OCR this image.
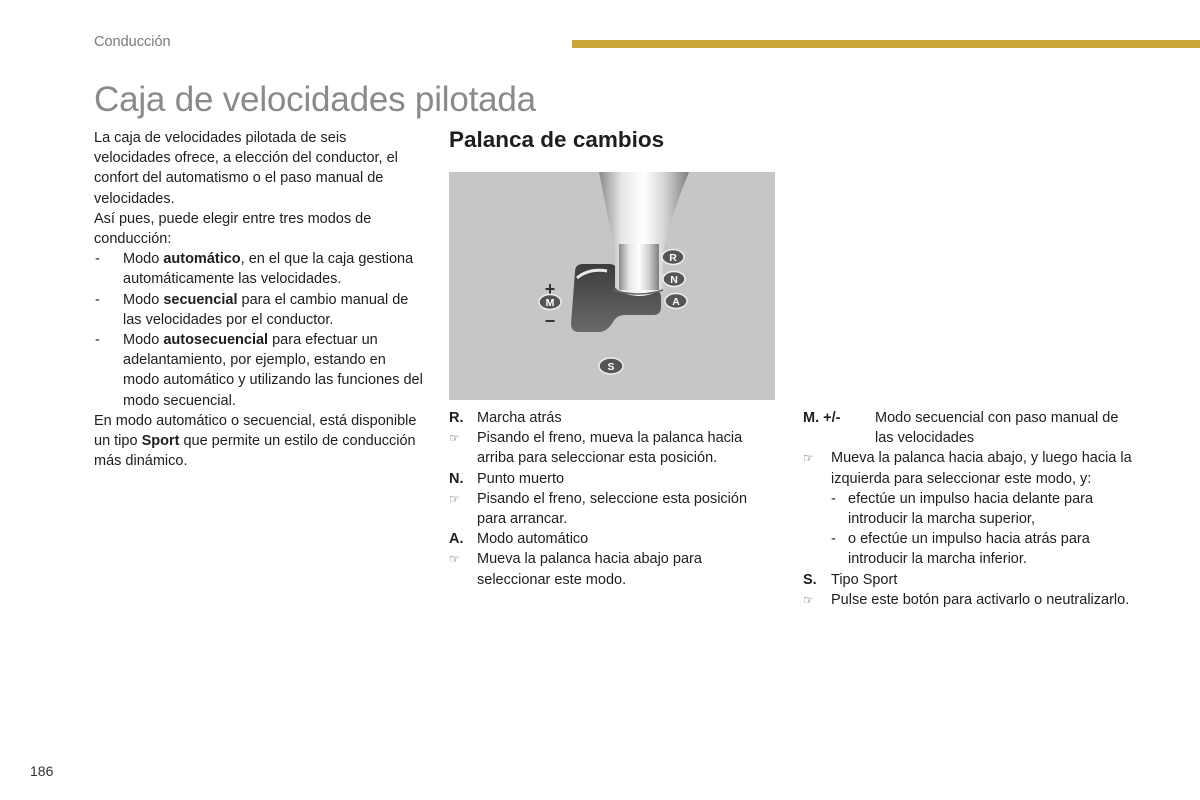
Conducción
Caja de velocidades pilotada

La caja de velocidades pilotada de seis velocidades ofrece, a elección del conductor, el confort del automatismo o el paso manual de velocidades.

Así pues, puede elegir entre tres modos de conducción:

-	Modo automático, en el que la caja gestiona automáticamente las velocidades.
-	Modo secuencial para el cambio manual de las velocidades por el conductor.
-	Modo autosecuencial para efectuar un adelantamiento, por ejemplo, estando en modo automático y utilizando las funciones del modo secuencial.

En modo automático o secuencial, está disponible un tipo Sport que permite un estilo de conducción más dinámico.

Palanca de cambios
R
N
A
M
+
−
S
R. Marcha atrás
☞	Pisando el freno, mueva la palanca hacia arriba para seleccionar esta posición.
N. Punto muerto
☞	Pisando el freno, seleccione esta posición para arrancar.
A. Modo automático
☞	Mueva la palanca hacia abajo para seleccionar este modo.
M. +/-	Modo secuencial con paso manual de las velocidades
☞	Mueva la palanca hacia abajo, y luego hacia la izquierda para seleccionar este modo, y:
- efectúe un impulso hacia delante para introducir la marcha superior,
- o efectúe un impulso hacia atrás para introducir la marcha inferior.
S. Tipo Sport
☞	Pulse este botón para activarlo o neutralizarlo.
186
